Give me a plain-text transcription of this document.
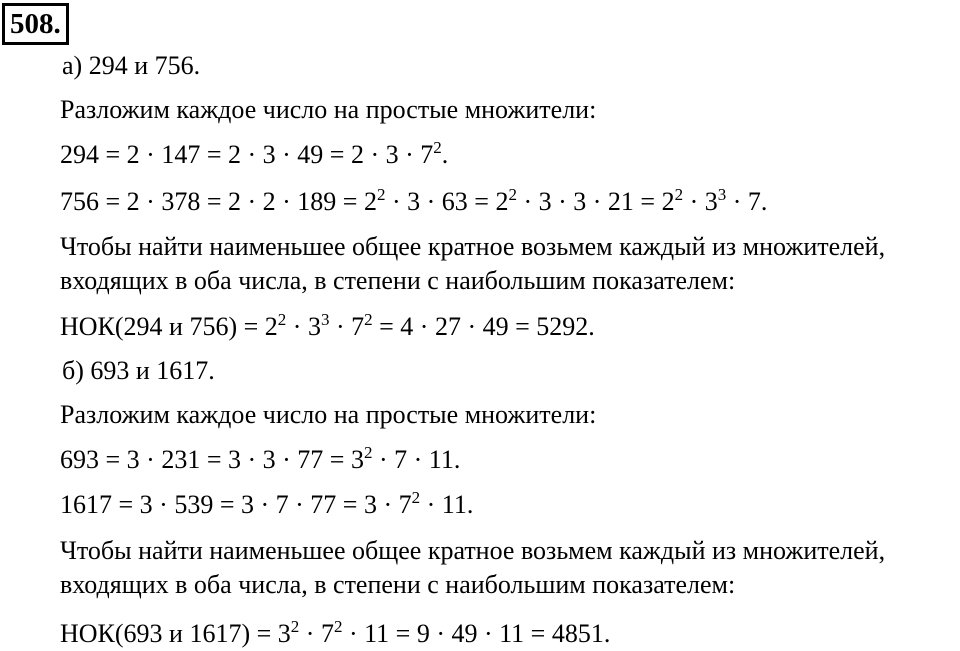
508.
а) 294 и 756.
Разложим каждое число на простые множители:
$294 = 2 \cdot 147 = 2 \cdot 3 \cdot 49 = 2 \cdot 3 \cdot 7^2$.
$756 = 2 \cdot 378 = 2 \cdot 2 \cdot 189 = 2^2 \cdot 3 \cdot 63 = 2^2 \cdot 3 \cdot 3 \cdot 21 = 2^2 \cdot 3^3 \cdot 7$.
Чтобы найти наименьшее общее кратное возьмем каждый из множителей,
входящих в оба числа, в степени с наибольшим показателем:
НОК(294 и $756) = 2^2 \cdot 3^3 \cdot 7^2 = 4 \cdot 27 \cdot 49 = 5292$.
б) 693 и 1617.
Разложим каждое число на простые множители:
$693 = 3 \cdot 231 = 3 \cdot 3 \cdot 77 = 3^2 \cdot 7 \cdot 11$.
$1617 = 3 \cdot 539 = 3 \cdot 7 \cdot 77 = 3 \cdot 7^2 \cdot 11$.
Чтобы найти наименьшее общее кратное возьмем каждый из множителей,
входящих в оба числа, в степени с наибольшим показателем:
НОК(693 и $1617) = 3^2 \cdot 7^2 \cdot 11 = 9 \cdot 49 \cdot 11 = 4851$.
